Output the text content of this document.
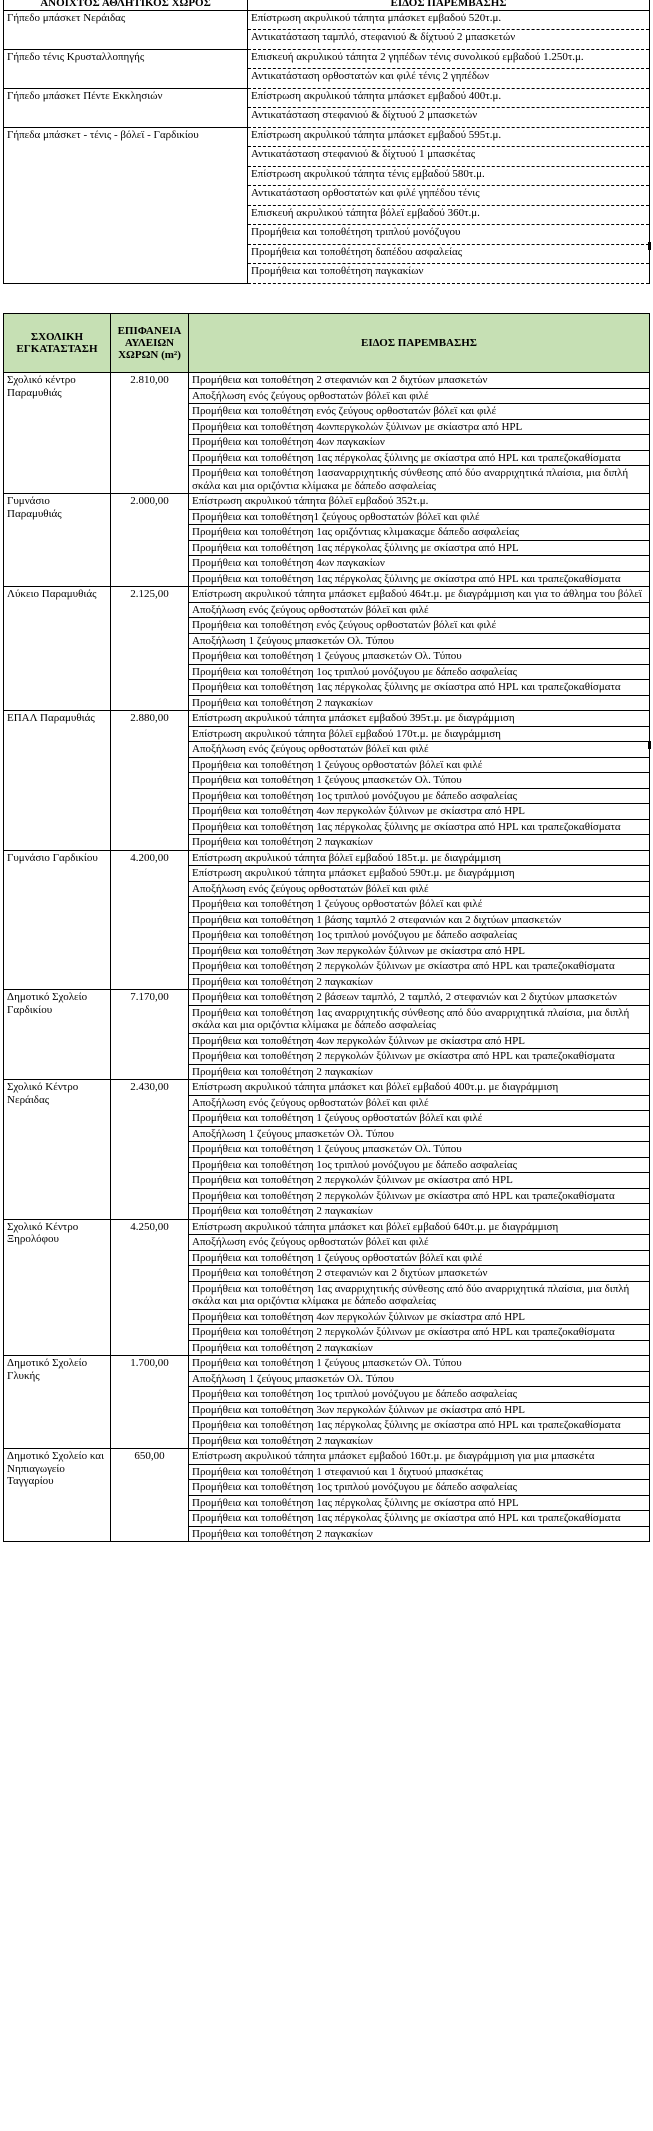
ΑΝΟΙΧΤΟΣ ΑΘΛΗΤΙΚΟΣ ΧΩΡΟΣ	ΕΙΔΟΣ ΠΑΡΕΜΒΑΣΗΣ
Γήπεδο μπάσκετ Νεράιδας	Επίστρωση ακρυλικού τάπητα μπάσκετ εμβαδού 520τ.μ.
	Αντικατάσταση ταμπλό, στεφανιού & δίχτυού 2 μπασκετών
Γήπεδο τένις Κρυσταλλοπηγής	Επισκευή ακρυλικού τάπητα 2 γηπέδων τένις συνολικού εμβαδού 1.250τ.μ.
	Αντικατάσταση ορθοστατών και φιλέ τένις 2 γηπέδων
Γήπεδο μπάσκετ Πέντε Εκκλησιών	Επίστρωση ακρυλικού τάπητα μπάσκετ εμβαδού 400τ.μ.
	Αντικατάσταση στεφανιού & δίχτυού 2 μπασκετών
Γήπεδα μπάσκετ - τένις - βόλεϊ - Γαρδικίου	Επίστρωση ακρυλικού τάπητα μπάσκετ εμβαδού 595τ.μ.
	Αντικατάσταση στεφανιού & δίχτυού 1 μπασκέτας
	Επίστρωση ακρυλικού τάπητα τένις εμβαδού 580τ.μ.
	Αντικατάσταση ορθοστατών και φιλέ γηπέδου τένις
	Επισκευή ακρυλικού τάπητα βόλεϊ εμβαδού 360τ.μ.
	Προμήθεια και τοποθέτηση τριπλού μονόζυγου
	Προμήθεια και τοποθέτηση δαπέδου ασφαλείας
	Προμήθεια και τοποθέτηση παγκακίων
ΣΧΟΛΙΚΗ ΕΓΚΑΤΑΣΤΑΣΗ	ΕΠΙΦΑΝΕΙΑ ΑΥΛΕΙΩΝ ΧΩΡΩΝ (m²)	ΕΙΔΟΣ ΠΑΡΕΜΒΑΣΗΣ
Σχολικό κέντρο Παραμυθιάς	2.810,00	Προμήθεια και τοποθέτηση 2 στεφανιών και 2 διχτύων μπασκετών
		Αποξήλωση ενός ζεύγους ορθοστατών βόλεϊ και φιλέ
		Προμήθεια και τοποθέτηση ενός ζεύγους ορθοστατών βόλεϊ και φιλέ
		Προμήθεια και τοποθέτηση 4ωνπεργκολών ξύλινων με σκίαστρα από HPL
		Προμήθεια και τοποθέτηση 4ων παγκακίων
		Προμήθεια και τοποθέτηση 1ας πέργκολας ξύλινης με σκίαστρα από HPL και τραπεζοκαθίσματα
		Προμήθεια και τοποθέτηση 1ασαναρριχητικής σύνθεσης από δύο αναρριχητικά πλαίσια, μια διπλή σκάλα και μια οριζόντια κλίμακα με δάπεδο ασφαλείας
Γυμνάσιο Παραμυθιάς	2.000,00	Επίστρωση ακρυλικού τάπητα βόλεϊ εμβαδού 352τ.μ.
		Προμήθεια και τοποθέτηση1 ζεύγους ορθοστατών βόλεϊ και φιλέ
		Προμήθεια και τοποθέτηση 1ας οριζόντιας κλιμακαςμε δάπεδο ασφαλείας
		Προμήθεια και τοποθέτηση 1ας πέργκολας ξύλινης με σκίαστρα από HPL
		Προμήθεια και τοποθέτηση 4ων παγκακίων
		Προμήθεια και τοποθέτηση 1ας πέργκολας ξύλινης με σκίαστρα από HPL και τραπεζοκαθίσματα
Λύκειο Παραμυθιάς	2.125,00	Επίστρωση ακρυλικού τάπητα μπάσκετ εμβαδού 464τ.μ. με διαγράμμιση και για το άθλημα του βόλεϊ
		Αποξήλωση ενός ζεύγους ορθοστατών βόλεϊ και φιλέ
		Προμήθεια και τοποθέτηση ενός ζεύγους ορθοστατών βόλεϊ και φιλέ
		Αποξήλωση 1 ζεύγους μπασκετών Ολ. Τύπου
		Προμήθεια και τοποθέτηση 1 ζεύγους μπασκετών Ολ. Τύπου
		Προμήθεια και τοποθέτηση 1ος τριπλού μονόζυγου με δάπεδο ασφαλείας
		Προμήθεια και τοποθέτηση 1ας πέργκολας ξύλινης με σκίαστρα από HPL και τραπεζοκαθίσματα
		Προμήθεια και τοποθέτηση 2 παγκακίων
ΕΠΑΛ Παραμυθιάς	2.880,00	Επίστρωση ακρυλικού τάπητα μπάσκετ εμβαδού 395τ.μ. με διαγράμμιση
		Επίστρωση ακρυλικού τάπητα βόλεϊ εμβαδού 170τ.μ. με διαγράμμιση
		Αποξήλωση ενός ζεύγους ορθοστατών βόλεϊ και φιλέ
		Προμήθεια και τοποθέτηση 1 ζεύγους ορθοστατών βόλεϊ και φιλέ
		Προμήθεια και τοποθέτηση 1 ζεύγους μπασκετών Ολ. Τύπου
		Προμήθεια και τοποθέτηση 1ος τριπλού μονόζυγου με δάπεδο ασφαλείας
		Προμήθεια και τοποθέτηση 4ων περγκολών ξύλινων με σκίαστρα από HPL
		Προμήθεια και τοποθέτηση 1ας πέργκολας ξύλινης με σκίαστρα από HPL και τραπεζοκαθίσματα
		Προμήθεια και τοποθέτηση 2 παγκακίων
Γυμνάσιο Γαρδικίου	4.200,00	Επίστρωση ακρυλικού τάπητα βόλεϊ εμβαδού 185τ.μ. με διαγράμμιση
		Επίστρωση ακρυλικού τάπητα μπάσκετ εμβαδού 590τ.μ. με διαγράμμιση
		Αποξήλωση ενός ζεύγους ορθοστατών βόλεϊ και φιλέ
		Προμήθεια και τοποθέτηση 1 ζεύγους ορθοστατών βόλεϊ και φιλέ
		Προμήθεια και τοποθέτηση 1 βάσης ταμπλό 2 στεφανιών και 2 διχτύων μπασκετών
		Προμήθεια και τοποθέτηση 1ος τριπλού μονόζυγου με δάπεδο ασφαλείας
		Προμήθεια και τοποθέτηση 3ων περγκολών ξύλινων με σκίαστρα από HPL
		Προμήθεια και τοποθέτηση 2 περγκολών ξύλινων με σκίαστρα από HPL και τραπεζοκαθίσματα
		Προμήθεια και τοποθέτηση 2 παγκακίων
Δημοτικό Σχολείο Γαρδικίου	7.170,00	Προμήθεια και τοποθέτηση 2 βάσεων ταμπλό, 2 ταμπλό, 2 στεφανιών και 2 διχτύων μπασκετών
		Προμήθεια και τοποθέτηση 1ας αναρριχητικής σύνθεσης από δύο αναρριχητικά πλαίσια, μια διπλή σκάλα και μια οριζόντια κλίμακα με δάπεδο ασφαλείας
		Προμήθεια και τοποθέτηση 4ων περγκολών ξύλινων με σκίαστρα από HPL
		Προμήθεια και τοποθέτηση 2 περγκολών ξύλινων με σκίαστρα από HPL και τραπεζοκαθίσματα
		Προμήθεια και τοποθέτηση 2 παγκακίων
Σχολικό Κέντρο Νεράιδας	2.430,00	Επίστρωση ακρυλικού τάπητα μπάσκετ και βόλεϊ εμβαδού 400τ.μ. με διαγράμμιση
		Αποξήλωση ενός ζεύγους ορθοστατών βόλεϊ και φιλέ
		Προμήθεια και τοποθέτηση 1 ζεύγους ορθοστατών βόλεϊ και φιλέ
		Αποξήλωση 1 ζεύγους μπασκετών Ολ. Τύπου
		Προμήθεια και τοποθέτηση 1 ζεύγους μπασκετών Ολ. Τύπου
		Προμήθεια και τοποθέτηση 1ος τριπλού μονόζυγου με δάπεδο ασφαλείας
		Προμήθεια και τοποθέτηση 2 περγκολών ξύλινων με σκίαστρα από HPL
		Προμήθεια και τοποθέτηση 2 περγκολών ξύλινων με σκίαστρα από HPL και τραπεζοκαθίσματα
		Προμήθεια και τοποθέτηση 2 παγκακίων
Σχολικό Κέντρο Ξηρολόφου	4.250,00	Επίστρωση ακρυλικού τάπητα μπάσκετ και βόλεϊ εμβαδού 640τ.μ. με διαγράμμιση
		Αποξήλωση ενός ζεύγους ορθοστατών βόλεϊ και φιλέ
		Προμήθεια και τοποθέτηση 1 ζεύγους ορθοστατών βόλεϊ και φιλέ
		Προμήθεια και τοποθέτηση 2 στεφανιών και 2 διχτύων μπασκετών
		Προμήθεια και τοποθέτηση 1ας αναρριχητικής σύνθεσης από δύο αναρριχητικά πλαίσια, μια διπλή σκάλα και μια οριζόντια κλίμακα με δάπεδο ασφαλείας
		Προμήθεια και τοποθέτηση 4ων περγκολών ξύλινων με σκίαστρα από HPL
		Προμήθεια και τοποθέτηση 2 περγκολών ξύλινων με σκίαστρα από HPL και τραπεζοκαθίσματα
		Προμήθεια και τοποθέτηση 2 παγκακίων
Δημοτικό Σχολείο Γλυκής	1.700,00	Προμήθεια και τοποθέτηση 1 ζεύγους μπασκετών Ολ. Τύπου
		Αποξήλωση 1 ζεύγους μπασκετών Ολ. Τύπου
		Προμήθεια και τοποθέτηση 1ος τριπλού μονόζυγου με δάπεδο ασφαλείας
		Προμήθεια και τοποθέτηση 3ων περγκολών ξύλινων με σκίαστρα από HPL
		Προμήθεια και τοποθέτηση 1ας πέργκολας ξύλινης με σκίαστρα από HPL και τραπεζοκαθίσματα
		Προμήθεια και τοποθέτηση 2 παγκακίων
Δημοτικό Σχολείο και Νηπιαγωγείο Ταγγαρίου	650,00	Επίστρωση ακρυλικού τάπητα μπάσκετ εμβαδού 160τ.μ. με διαγράμμιση για μια μπασκέτα
		Προμήθεια και τοποθέτηση 1 στεφανιού και 1 διχτυού μπασκέτας
		Προμήθεια και τοποθέτηση 1ος τριπλού μονόζυγου με δάπεδο ασφαλείας
		Προμήθεια και τοποθέτηση 1ας πέργκολας ξύλινης με σκίαστρα από HPL
		Προμήθεια και τοποθέτηση 1ας πέργκολας ξύλινης με σκίαστρα από HPL και τραπεζοκαθίσματα
		Προμήθεια και τοποθέτηση 2 παγκακίων
